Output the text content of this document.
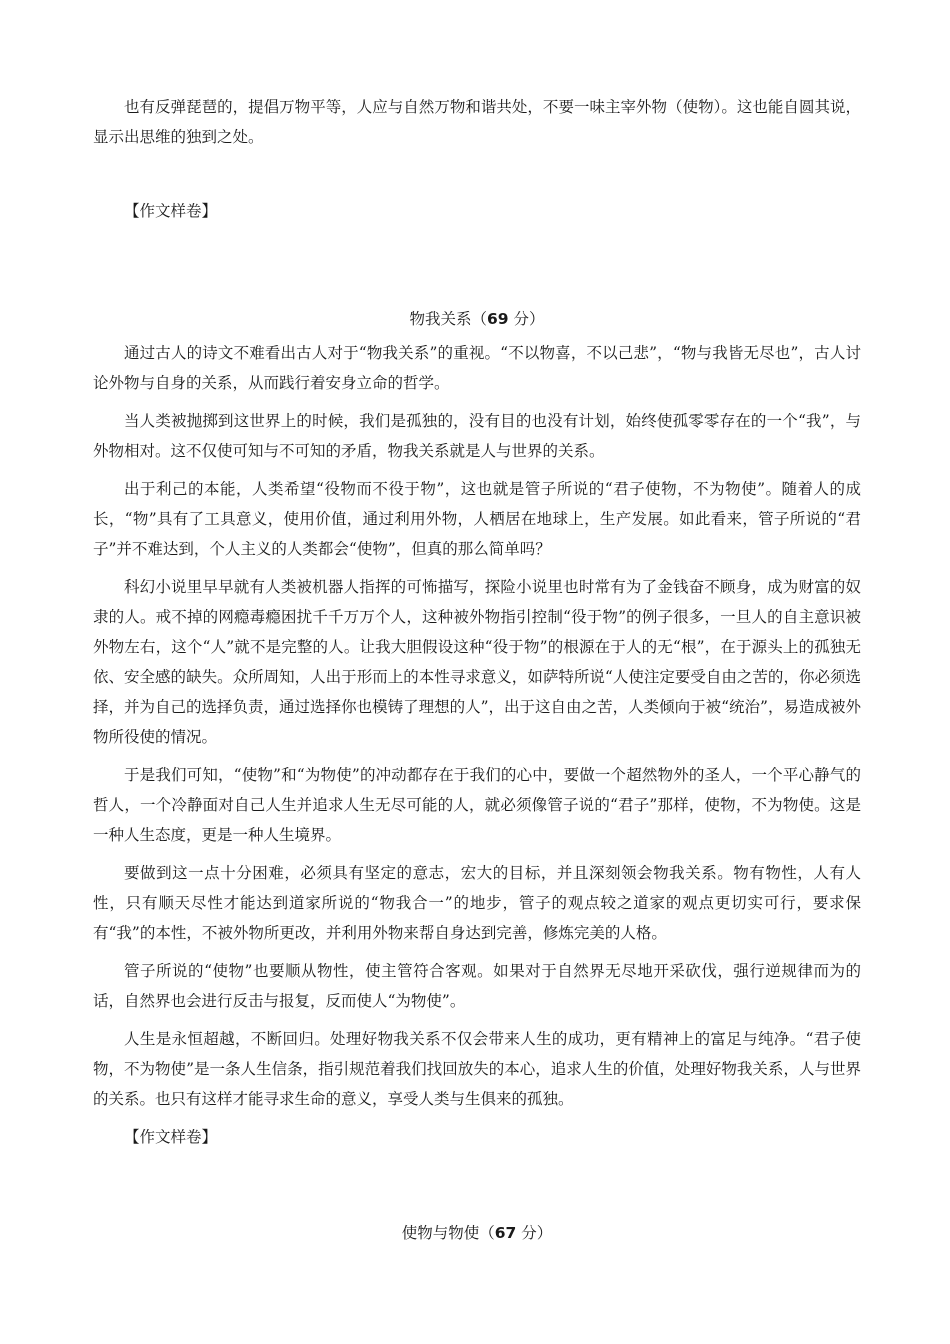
也有反弹琵琶的，提倡万物平等，人应与自然万物和谐共处，不要一味主宰外物（使物）。这也能自圆其说，显示出思维的独到之处。

【作文样卷】

物我关系（69 分）

通过古人的诗文不难看出古人对于“物我关系”的重视。“不以物喜，不以己悲”，“物与我皆无尽也”，古人讨论外物与自身的关系，从而践行着安身立命的哲学。

当人类被抛掷到这世界上的时候，我们是孤独的，没有目的也没有计划，始终使孤零零存在的一个“我”，与外物相对。这不仅使可知与不可知的矛盾，物我关系就是人与世界的关系。

出于利己的本能，人类希望“役物而不役于物”，这也就是管子所说的“君子使物，不为物使”。随着人的成长，“物”具有了工具意义，使用价值，通过利用外物，人栖居在地球上，生产发展。如此看来，管子所说的“君子”并不难达到，个人主义的人类都会“使物”，但真的那么简单吗？

科幻小说里早早就有人类被机器人指挥的可怖描写，探险小说里也时常有为了金钱奋不顾身，成为财富的奴隶的人。戒不掉的网瘾毒瘾困扰千千万万个人，这种被外物指引控制“役于物”的例子很多，一旦人的自主意识被外物左右，这个“人”就不是完整的人。让我大胆假设这种“役于物”的根源在于人的无“根”，在于源头上的孤独无依、安全感的缺失。众所周知，人出于形而上的本性寻求意义，如萨特所说“人使注定要受自由之苦的，你必须选择，并为自己的选择负责，通过选择你也模铸了理想的人”，出于这自由之苦，人类倾向于被“统治”，易造成被外物所役使的情况。

于是我们可知，“使物”和“为物使”的冲动都存在于我们的心中，要做一个超然物外的圣人，一个平心静气的哲人，一个冷静面对自己人生并追求人生无尽可能的人，就必须像管子说的“君子”那样，使物，不为物使。这是一种人生态度，更是一种人生境界。

要做到这一点十分困难，必须具有坚定的意志，宏大的目标，并且深刻领会物我关系。物有物性，人有人性，只有顺天尽性才能达到道家所说的“物我合一”的地步，管子的观点较之道家的观点更切实可行，要求保有“我”的本性，不被外物所更改，并利用外物来帮自身达到完善，修炼完美的人格。

管子所说的“使物”也要顺从物性，使主管符合客观。如果对于自然界无尽地开采砍伐，强行逆规律而为的话，自然界也会进行反击与报复，反而使人“为物使”。

人生是永恒超越，不断回归。处理好物我关系不仅会带来人生的成功，更有精神上的富足与纯净。“君子使物，不为物使”是一条人生信条，指引规范着我们找回放失的本心，追求人生的价值，处理好物我关系，人与世界的关系。也只有这样才能寻求生命的意义，享受人类与生俱来的孤独。

【作文样卷】

使物与物使（67 分）
